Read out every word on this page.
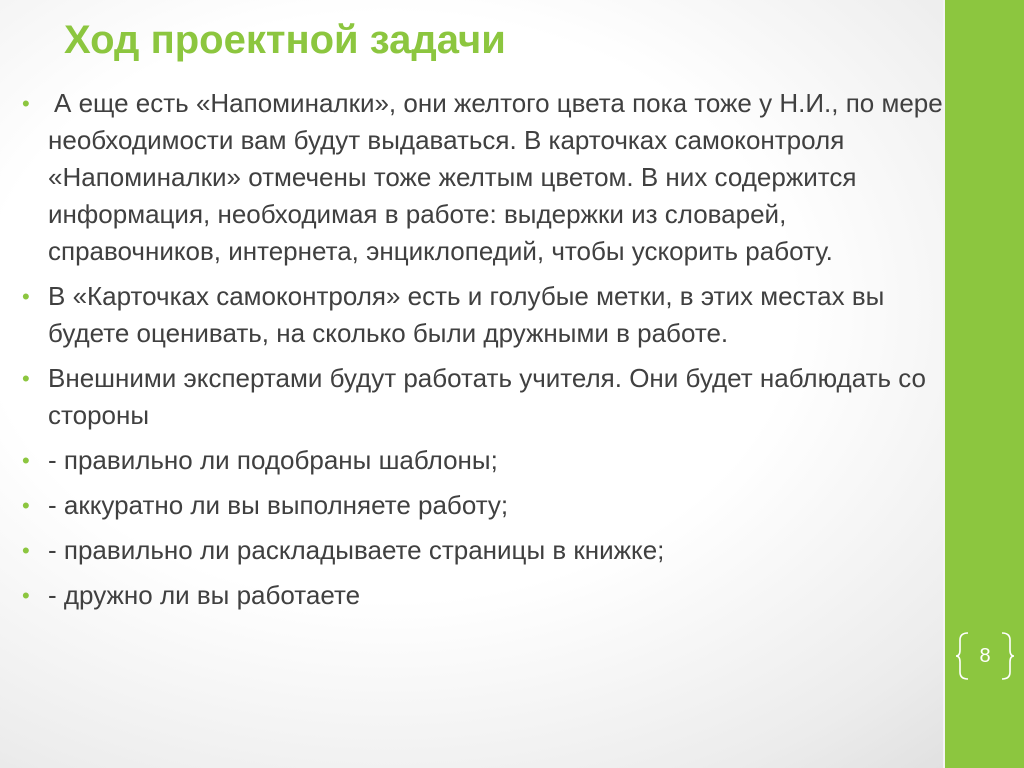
Ход проектной задачи
• А еще есть «Напоминалки», они желтого цвета пока тоже у Н.И., по мере необходимости вам будут выдаваться. В карточках самоконтроля «Напоминалки» отмечены тоже желтым цветом. В них содержится информация, необходимая в работе: выдержки из словарей, справочников, интернета, энциклопедий, чтобы ускорить работу.
• В «Карточках самоконтроля» есть и голубые метки, в этих местах вы будете оценивать, на сколько были дружными в работе.
• Внешними экспертами будут работать учителя. Они будет наблюдать со стороны
• - правильно ли подобраны шаблоны;
• - аккуратно ли вы выполняете работу;
• - правильно ли раскладываете страницы в книжке;
• - дружно ли вы работаете
8
